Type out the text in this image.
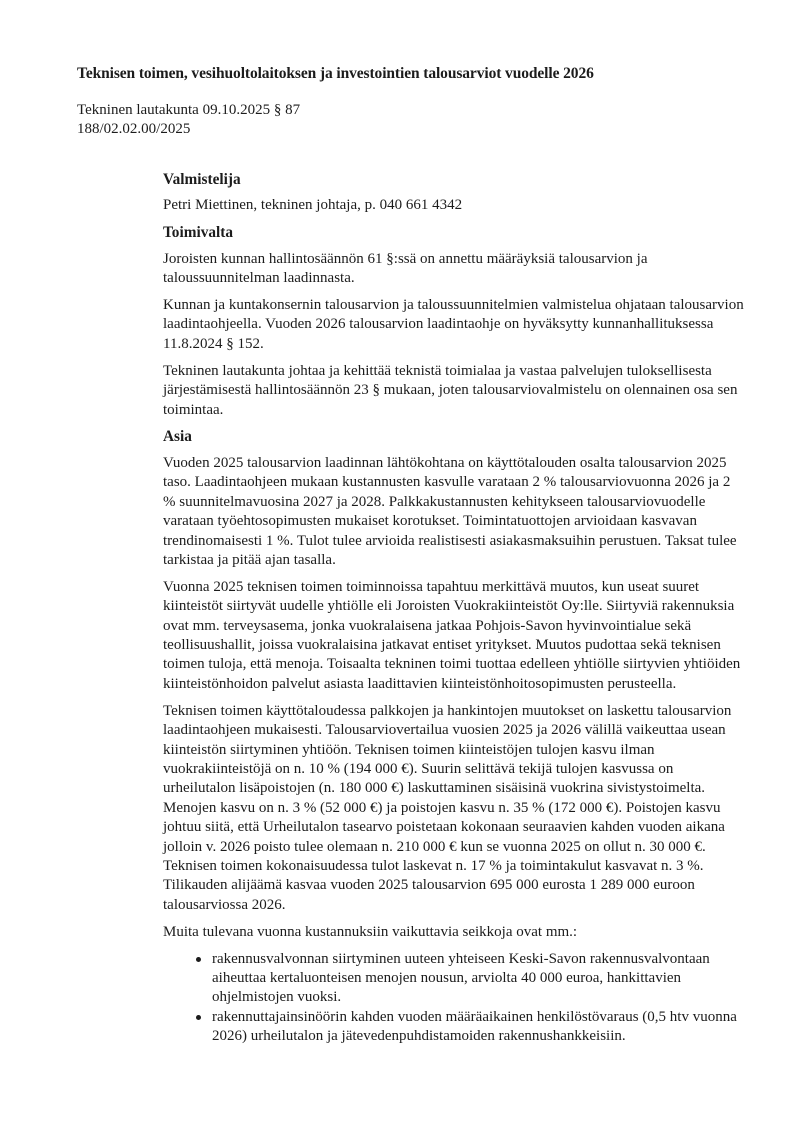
Teknisen toimen, vesihuoltolaitoksen ja investointien talousarviot vuodelle 2026
Tekninen lautakunta 09.10.2025 § 87
188/02.02.00/2025
Valmistelija

Petri Miettinen, tekninen johtaja, p. 040 661 4342

Toimivalta

Joroisten kunnan hallintosäännön 61 §:ssä on annettu määräyksiä talousarvion ja taloussuunnitelman laadinnasta.

Kunnan ja kuntakonsernin talousarvion ja taloussuunnitelmien valmistelua ohjataan talousarvion laadintaohjeella. Vuoden 2026 talousarvion laadintaohje on hyväksytty kunnanhallituksessa 11.8.2024 § 152.

Tekninen lautakunta johtaa ja kehittää teknistä toimialaa ja vastaa palvelujen tuloksellisesta järjestämisestä hallintosäännön 23 § mukaan, joten talousarviovalmistelu on olennainen osa sen toimintaa.

Asia

Vuoden 2025 talousarvion laadinnan lähtökohtana on käyttötalouden osalta talousarvion 2025 taso. Laadintaohjeen mukaan kustannusten kasvulle varataan 2 % talousarviovuonna 2026 ja 2 % suunnitelmavuosina 2027 ja 2028. Palkkakustannusten kehitykseen talousarviovuodelle varataan työehtosopimusten mukaiset korotukset. Toimintatuottojen arvioidaan kasvavan trendinomaisesti 1 %. Tulot tulee arvioida realistisesti asiakasmaksuihin perustuen. Taksat tulee tarkistaa ja pitää ajan tasalla.

Vuonna 2025 teknisen toimen toiminnoissa tapahtuu merkittävä muutos, kun useat suuret kiinteistöt siirtyvät uudelle yhtiölle eli Joroisten Vuokrakiinteistöt Oy:lle. Siirtyviä rakennuksia ovat mm. terveysasema, jonka vuokralaisena jatkaa Pohjois-Savon hyvinvointialue sekä teollisuushallit, joissa vuokralaisina jatkavat entiset yritykset. Muutos pudottaa sekä teknisen toimen tuloja, että menoja. Toisaalta tekninen toimi tuottaa edelleen yhtiölle siirtyvien yhtiöiden kiinteistönhoidon palvelut asiasta laadittavien kiinteistönhoitosopimusten perusteella.

Teknisen toimen käyttötaloudessa palkkojen ja hankintojen muutokset on laskettu talousarvion laadintaohjeen mukaisesti. Talousarviovertailua vuosien 2025 ja 2026 välillä vaikeuttaa usean kiinteistön siirtyminen yhtiöön. Teknisen toimen kiinteistöjen tulojen kasvu ilman vuokrakiinteistöjä on n. 10 % (194 000 €). Suurin selittävä tekijä tulojen kasvussa on urheilutalon lisäpoistojen (n. 180 000 €) laskuttaminen sisäisinä vuokrina sivistystoimelta. Menojen kasvu on n. 3 % (52 000 €) ja poistojen kasvu n. 35 % (172 000 €). Poistojen kasvu johtuu siitä, että Urheilutalon tasearvo poistetaan kokonaan seuraavien kahden vuoden aikana jolloin v. 2026 poisto tulee olemaan n. 210 000 € kun se vuonna 2025 on ollut n. 30 000 €. Teknisen toimen kokonaisuudessa tulot laskevat n. 17 % ja toimintakulut kasvavat n. 3 %. Tilikauden alijäämä kasvaa vuoden 2025 talousarvion 695 000 eurosta 1 289 000 euroon talousarviossa 2026.

Muita tulevana vuonna kustannuksiin vaikuttavia seikkoja ovat mm.:

rakennusvalvonnan siirtyminen uuteen yhteiseen Keski-Savon rakennusvalvontaan aiheuttaa kertaluonteisen menojen nousun, arviolta 40 000 euroa, hankittavien ohjelmistojen vuoksi.
rakennuttajainsinöörin kahden vuoden määräaikainen henkilöstövaraus (0,5 htv vuonna 2026) urheilutalon ja jätevedenpuhdistamoiden rakennushankkeisiin.
